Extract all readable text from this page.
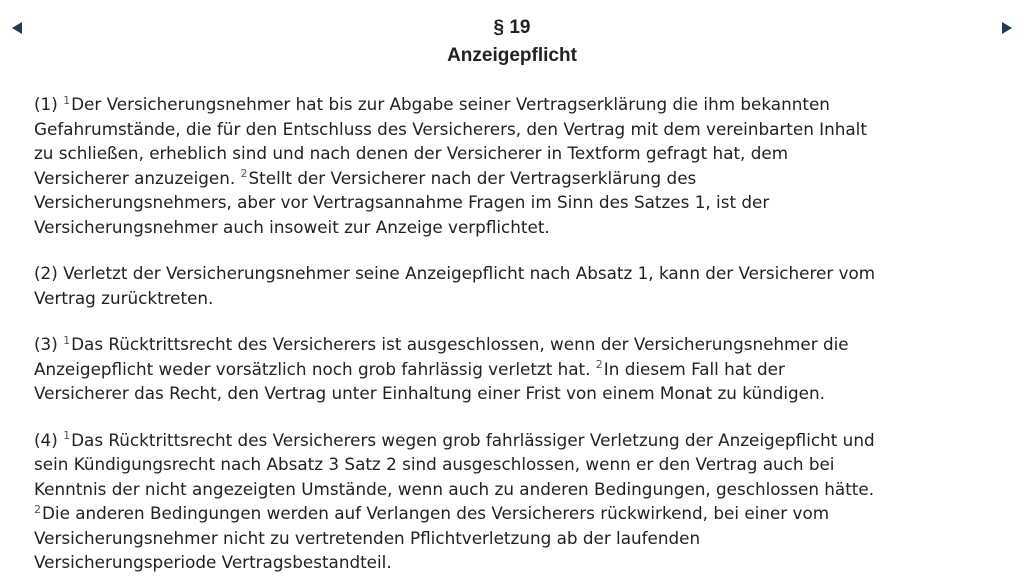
§ 19
Anzeigepflicht
(1) $^1$Der Versicherungsnehmer hat bis zur Abgabe seiner Vertragserklärung die ihm bekannten
Gefahrumstände, die für den Entschluss des Versicherers, den Vertrag mit dem vereinbarten Inhalt
zu schließen, erheblich sind und nach denen der Versicherer in Textform gefragt hat, dem
Versicherer anzuzeigen. $^2$Stellt der Versicherer nach der Vertragserklärung des
Versicherungsnehmers, aber vor Vertragsannahme Fragen im Sinn des Satzes 1, ist der
Versicherungsnehmer auch insoweit zur Anzeige verpflichtet.
(2) Verletzt der Versicherungsnehmer seine Anzeigepflicht nach Absatz 1, kann der Versicherer vom
Vertrag zurücktreten.
(3) $^1$Das Rücktrittsrecht des Versicherers ist ausgeschlossen, wenn der Versicherungsnehmer die
Anzeigepflicht weder vorsätzlich noch grob fahrlässig verletzt hat. $^2$In diesem Fall hat der
Versicherer das Recht, den Vertrag unter Einhaltung einer Frist von einem Monat zu kündigen.
(4) $^1$Das Rücktrittsrecht des Versicherers wegen grob fahrlässiger Verletzung der Anzeigepflicht und
sein Kündigungsrecht nach Absatz 3 Satz 2 sind ausgeschlossen, wenn er den Vertrag auch bei
Kenntnis der nicht angezeigten Umstände, wenn auch zu anderen Bedingungen, geschlossen hätte.
$^2$Die anderen Bedingungen werden auf Verlangen des Versicherers rückwirkend, bei einer vom
Versicherungsnehmer nicht zu vertretenden Pflichtverletzung ab der laufenden
Versicherungsperiode Vertragsbestandteil.
